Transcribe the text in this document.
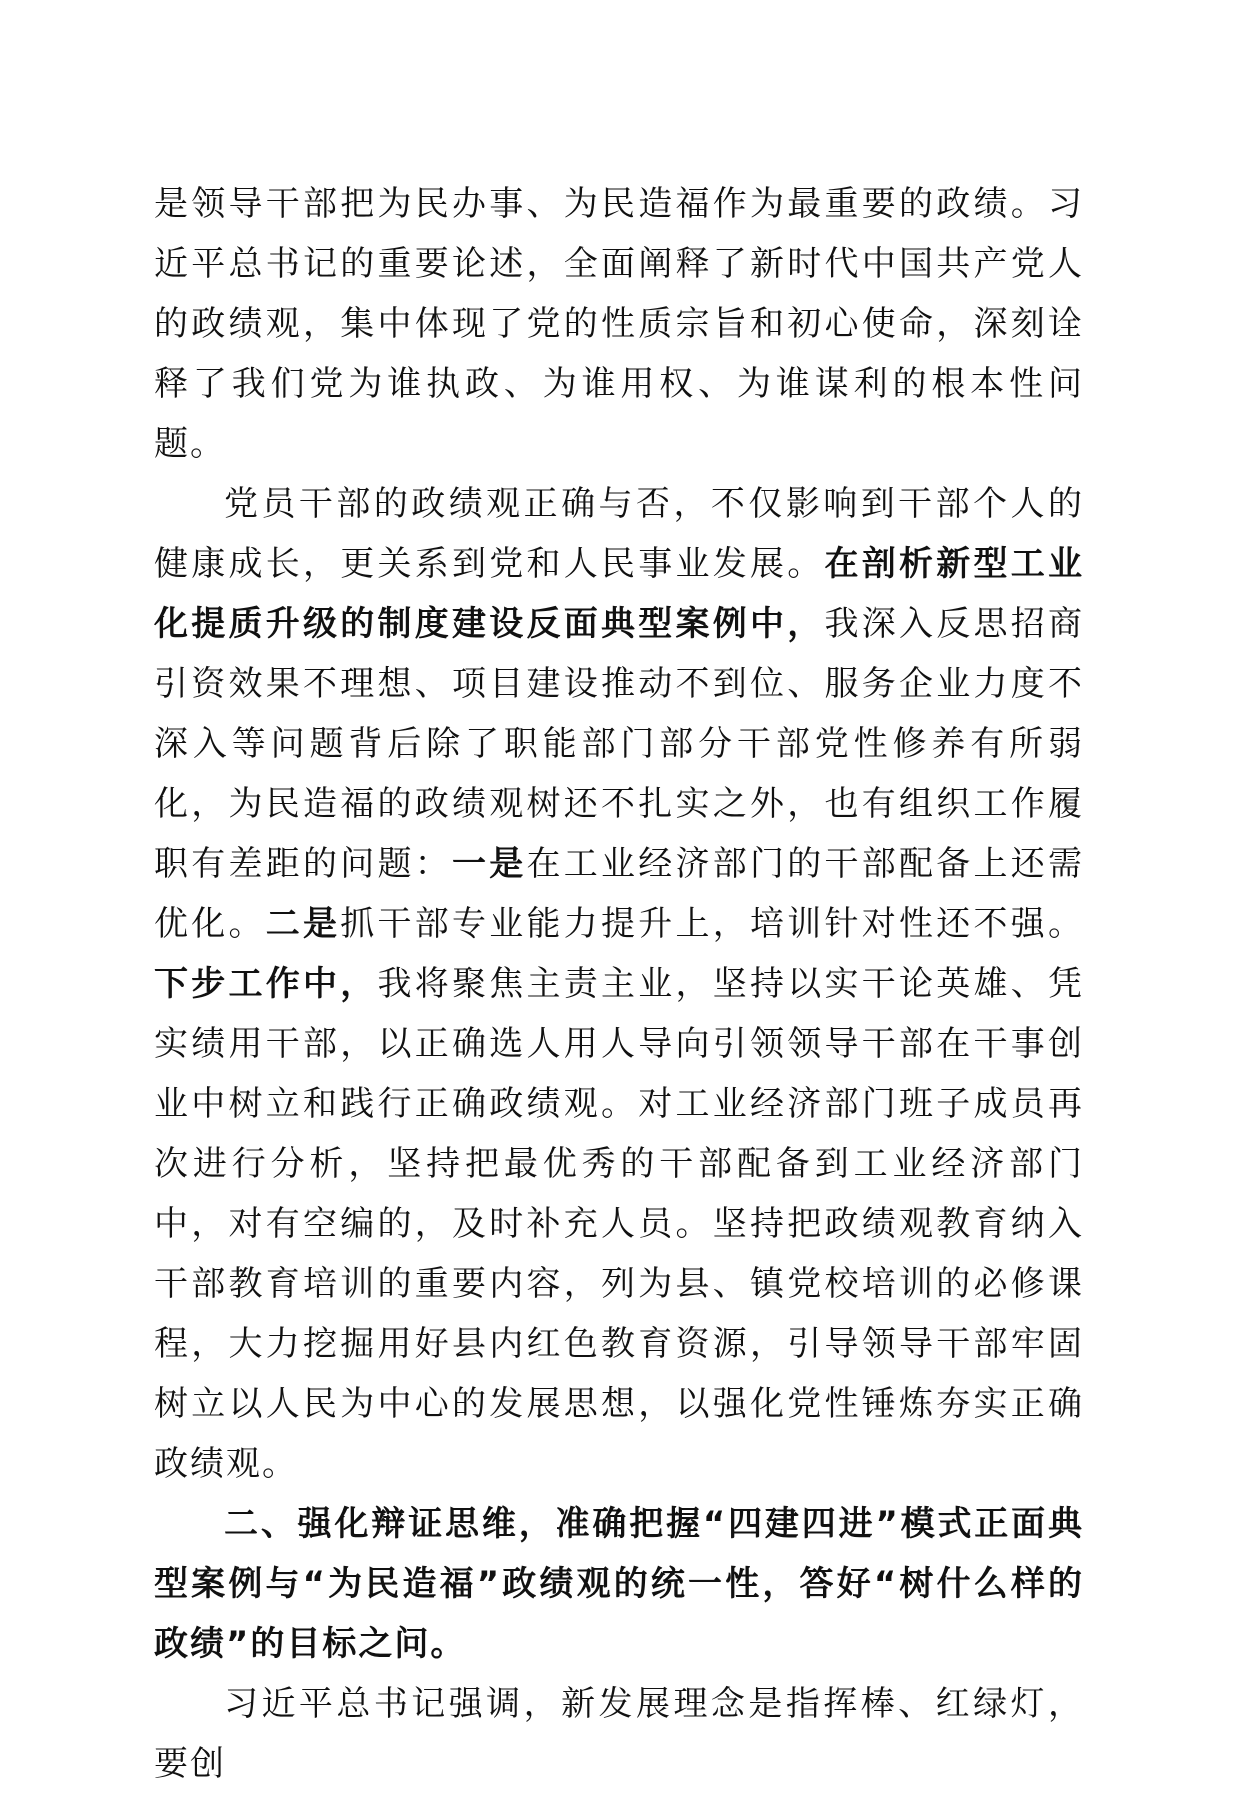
是领导干部把为民办事、为民造福作为最重要的政绩。习近平总书记的重要论述，全面阐释了新时代中国共产党人的政绩观，集中体现了党的性质宗旨和初心使命，深刻诠释了我们党为谁执政、为谁用权、为谁谋利的根本性问题。

党员干部的政绩观正确与否，不仅影响到干部个人的健康成长，更关系到党和人民事业发展。在剖析新型工业化提质升级的制度建设反面典型案例中，我深入反思招商引资效果不理想、项目建设推动不到位、服务企业力度不深入等问题背后除了职能部门部分干部党性修养有所弱化，为民造福的政绩观树还不扎实之外，也有组织工作履职有差距的问题：一是在工业经济部门的干部配备上还需优化。二是抓干部专业能力提升上，培训针对性还不强。下步工作中，我将聚焦主责主业，坚持以实干论英雄、凭实绩用干部，以正确选人用人导向引领领导干部在干事创业中树立和践行正确政绩观。对工业经济部门班子成员再次进行分析，坚持把最优秀的干部配备到工业经济部门中，对有空编的，及时补充人员。坚持把政绩观教育纳入干部教育培训的重要内容，列为县、镇党校培训的必修课程，大力挖掘用好县内红色教育资源，引导领导干部牢固树立以人民为中心的发展思想，以强化党性锤炼夯实正确政绩观。

二、强化辩证思维，准确把握“四建四进”模式正面典型案例与“为民造福”政绩观的统一性，答好“树什么样的政绩”的目标之问。

习近平总书记强调，新发展理念是指挥棒、红绿灯，要创
